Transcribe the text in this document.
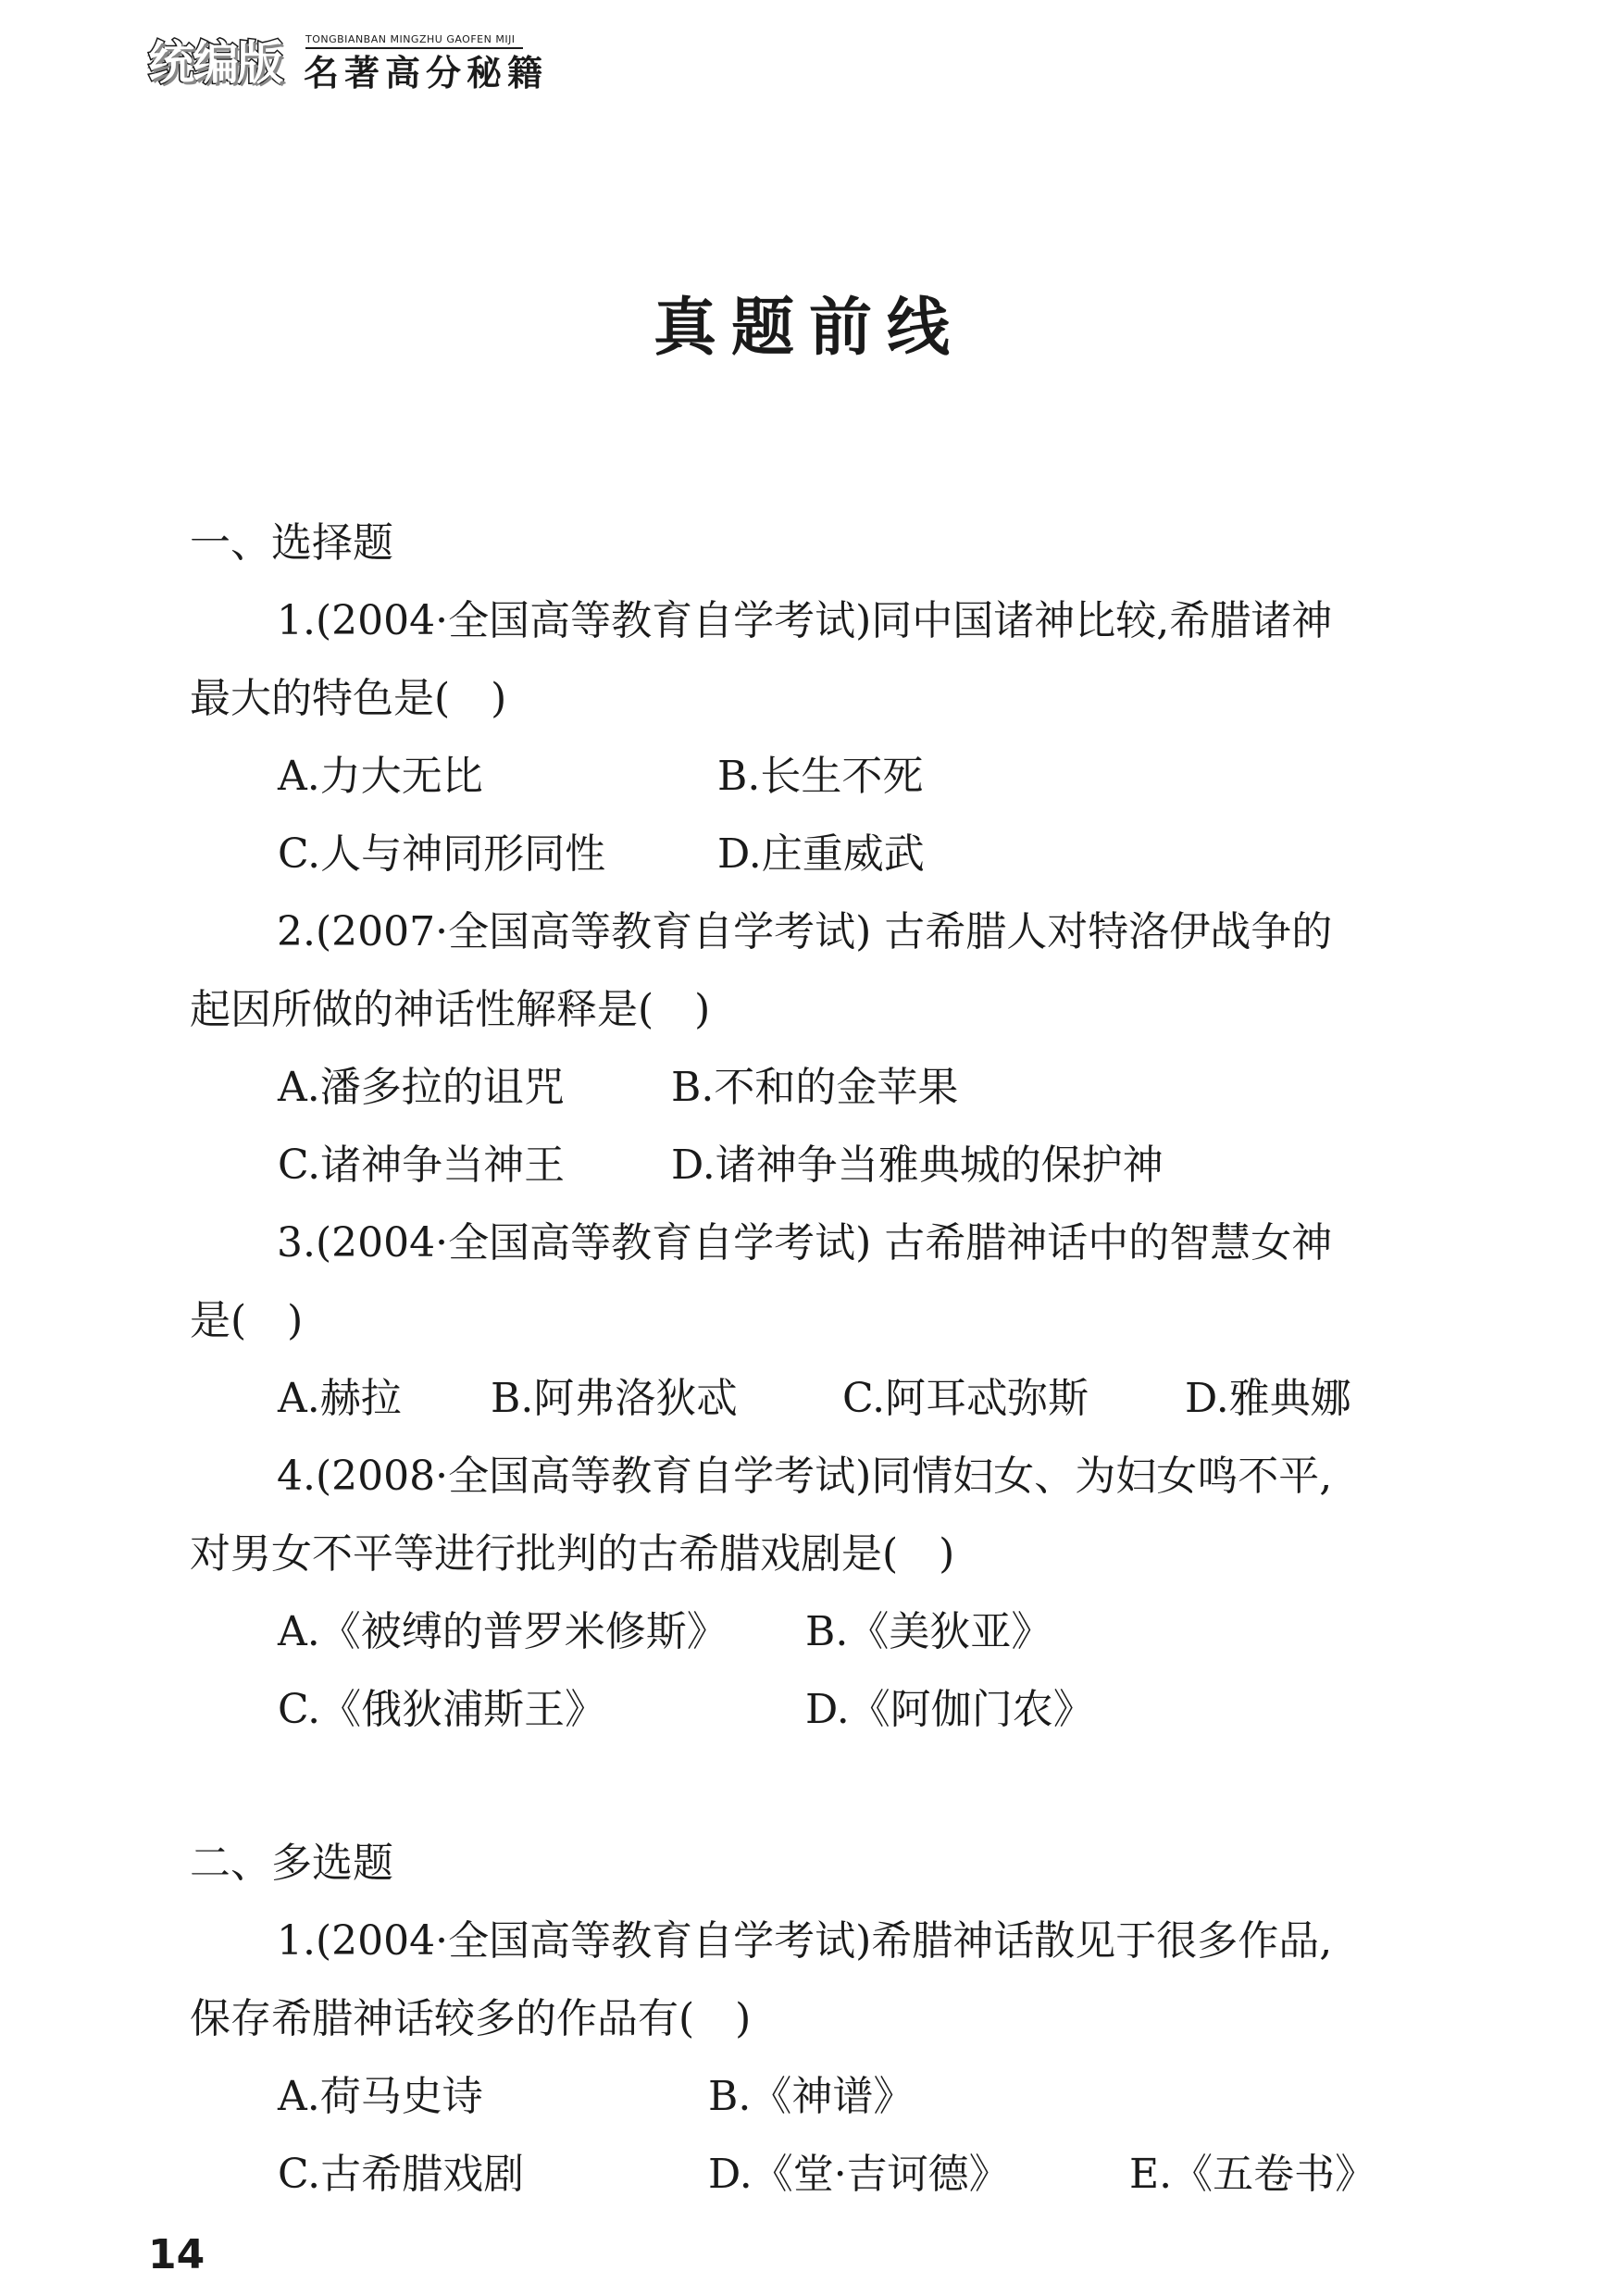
统编版 TONGBIANBAN MINGZHU GAOFEN MIJI
名著高分秘籍
真题前线
一、选择题

1.(2004·全国高等教育自学考试)同中国诸神比较,希腊诸神

最大的特色是(　)

A.力大无比	B.长生不死
C.人与神同形同性	D.庄重威武

2.(2007·全国高等教育自学考试) 古希腊人对特洛伊战争的

起因所做的神话性解释是(　)

A.潘多拉的诅咒	B.不和的金苹果
C.诸神争当神王	D.诸神争当雅典城的保护神

3.(2004·全国高等教育自学考试) 古希腊神话中的智慧女神

是(　)

A.赫拉 B.阿弗洛狄忒	C.阿耳忒弥斯 D.雅典娜

4.(2008·全国高等教育自学考试)同情妇女、为妇女鸣不平,

对男女不平等进行批判的古希腊戏剧是(　)

A.《被缚的普罗米修斯》 B.《美狄亚》
C.《俄狄浦斯王》	D.《阿伽门农》
二、多选题

1.(2004·全国高等教育自学考试)希腊神话散见于很多作品,

保存希腊神话较多的作品有(　)

A.荷马史诗	B.《神谱》
C.古希腊戏剧	D.《堂·吉诃德》	E.《五卷书》
14
